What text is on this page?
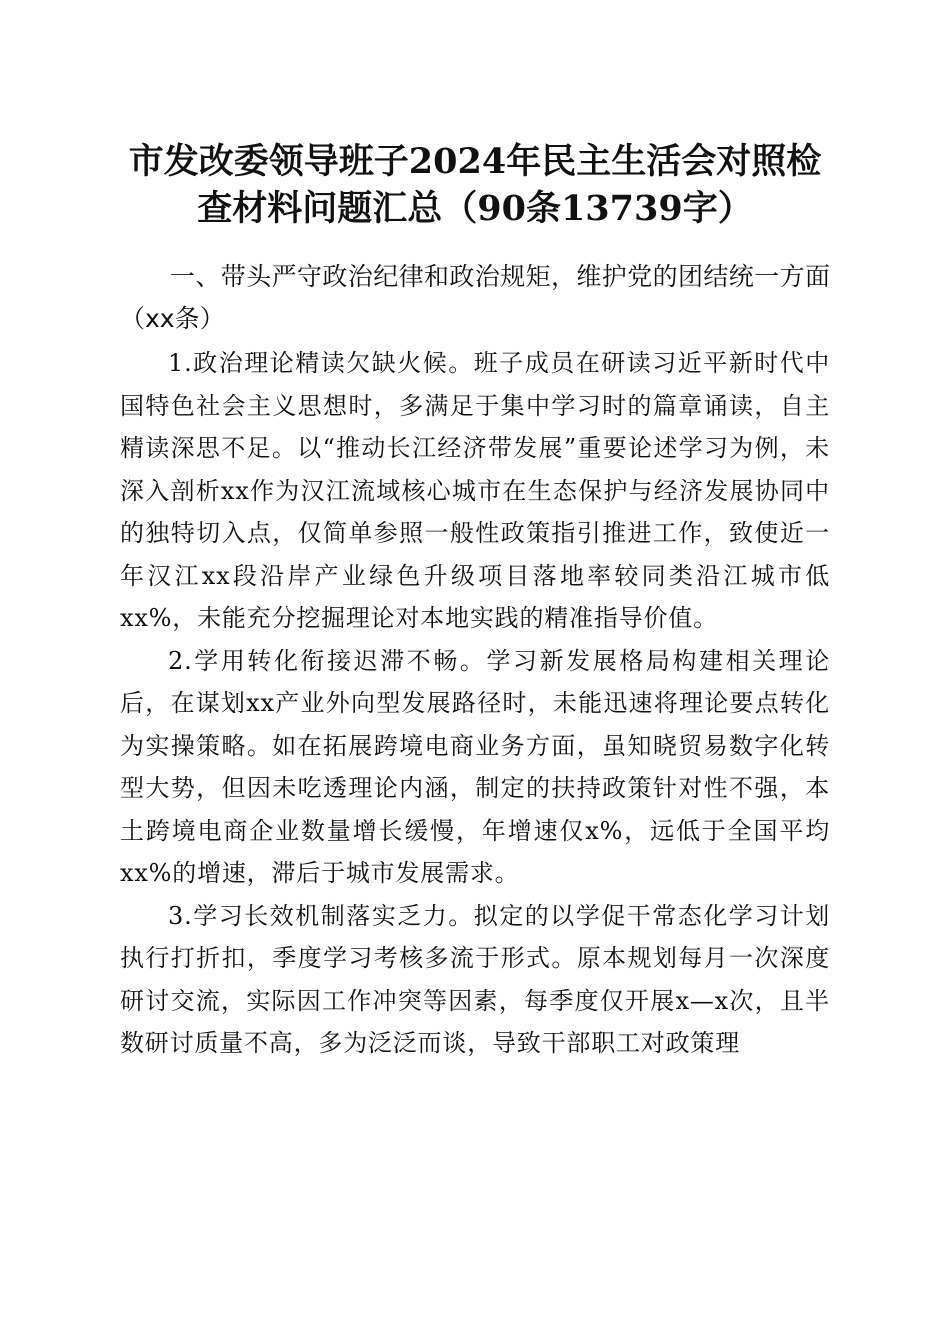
市发改委领导班子2024年民主生活会对照检
查材料问题汇总（90条13739字）

一、带头严守政治纪律和政治规矩，维护党的团结统一方面（xx条）

1.政治理论精读欠缺火候。班子成员在研读习近平新时代中国特色社会主义思想时，多满足于集中学习时的篇章诵读，自主精读深思不足。以“推动长江经济带发展”重要论述学习为例，未深入剖析xx作为汉江流域核心城市在生态保护与经济发展协同中的独特切入点，仅简单参照一般性政策指引推进工作，致使近一年汉江xx段沿岸产业绿色升级项目落地率较同类沿江城市低xx%，未能充分挖掘理论对本地实践的精准指导价值。

2.学用转化衔接迟滞不畅。学习新发展格局构建相关理论后，在谋划xx产业外向型发展路径时，未能迅速将理论要点转化为实操策略。如在拓展跨境电商业务方面，虽知晓贸易数字化转型大势，但因未吃透理论内涵，制定的扶持政策针对性不强，本土跨境电商企业数量增长缓慢，年增速仅x%，远低于全国平均xx%的增速，滞后于城市发展需求。

3.学习长效机制落实乏力。拟定的以学促干常态化学习计划执行打折扣，季度学习考核多流于形式。原本规划每月一次深度研讨交流，实际因工作冲突等因素，每季度仅开展x—x次，且半数研讨质量不高，多为泛泛而谈，导致干部职工对政策理
